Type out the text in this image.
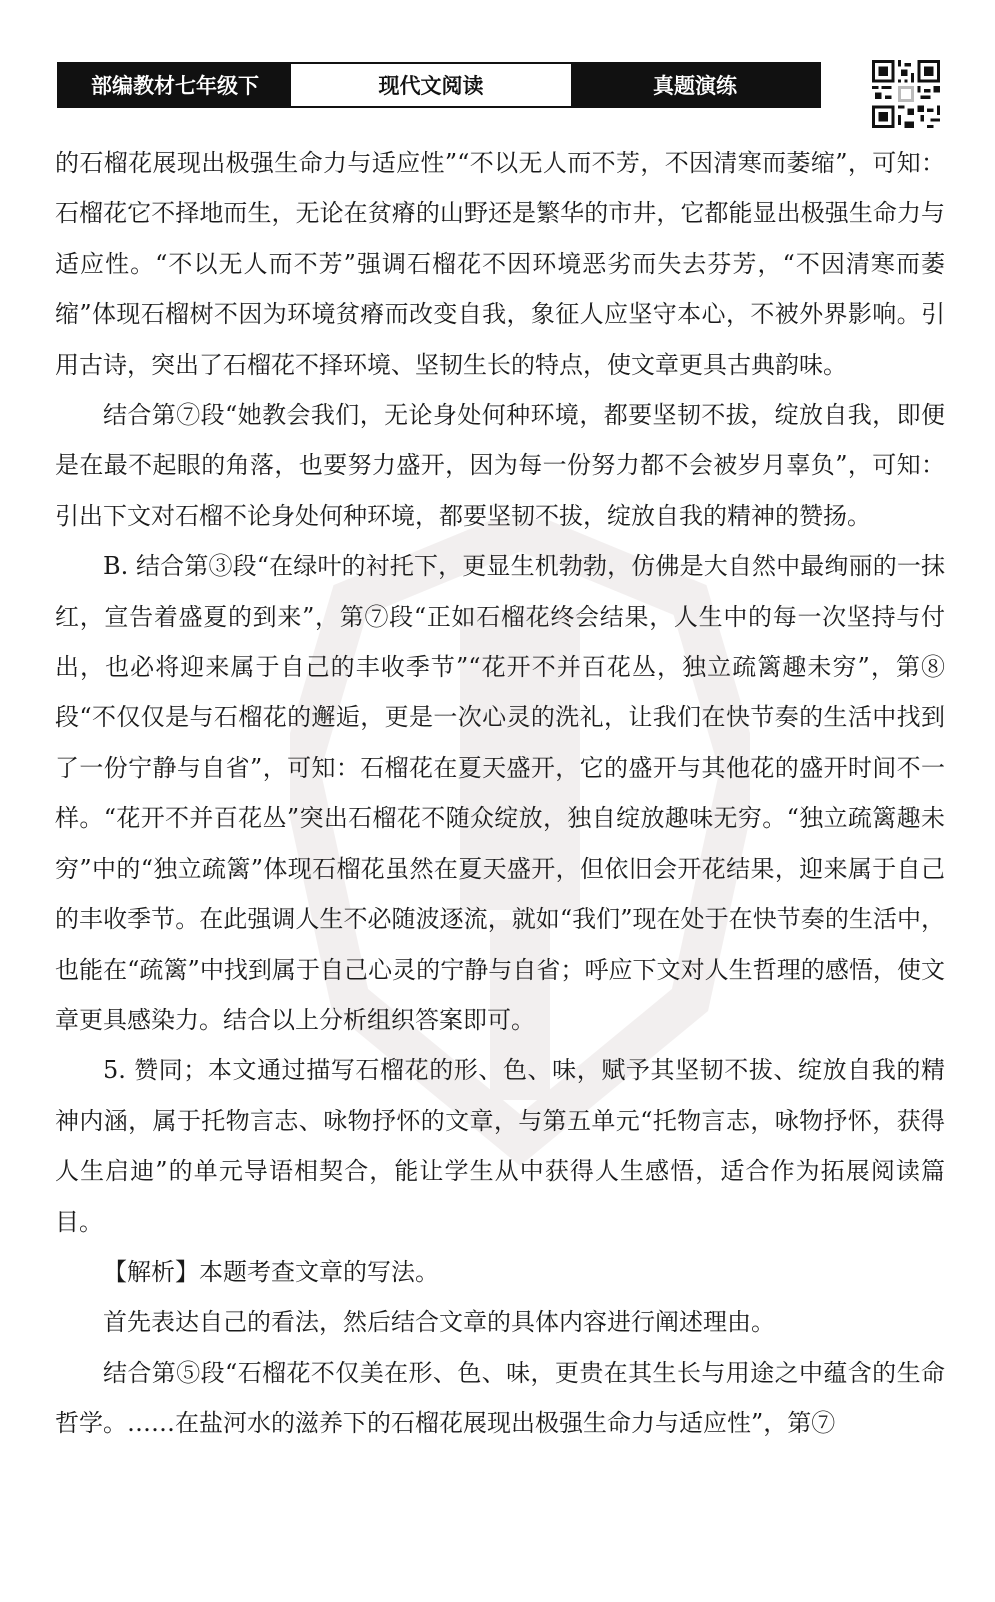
部编教材七年级下	现代文阅读	真题演练

的石榴花展现出极强生命力与适应性”“不以无人而不芳，不因清寒而萎缩”，可知：石榴花它不择地而生，无论在贫瘠的山野还是繁华的市井，它都能显出极强生命力与适应性。“不以无人而不芳”强调石榴花不因环境恶劣而失去芬芳，“不因清寒而萎缩”体现石榴树不因为环境贫瘠而改变自我，象征人应坚守本心，不被外界影响。引用古诗，突出了石榴花不择环境、坚韧生长的特点，使文章更具古典韵味。

结合第⑦段“她教会我们，无论身处何种环境，都要坚韧不拔，绽放自我，即便是在最不起眼的角落，也要努力盛开，因为每一份努力都不会被岁月辜负”，可知：引出下文对石榴不论身处何种环境，都要坚韧不拔，绽放自我的精神的赞扬。

B. 结合第③段“在绿叶的衬托下，更显生机勃勃，仿佛是大自然中最绚丽的一抹红，宣告着盛夏的到来”，第⑦段“正如石榴花终会结果，人生中的每一次坚持与付出，也必将迎来属于自己的丰收季节”“花开不并百花丛，独立疏篱趣未穷”，第⑧段“不仅仅是与石榴花的邂逅，更是一次心灵的洗礼，让我们在快节奏的生活中找到了一份宁静与自省”，可知：石榴花在夏天盛开，它的盛开与其他花的盛开时间不一样。“花开不并百花丛”突出石榴花不随众绽放，独自绽放趣味无穷。“独立疏篱趣未穷”中的“独立疏篱”体现石榴花虽然在夏天盛开，但依旧会开花结果，迎来属于自己的丰收季节。在此强调人生不必随波逐流，就如“我们”现在处于在快节奏的生活中，也能在“疏篱”中找到属于自己心灵的宁静与自省；呼应下文对人生哲理的感悟，使文章更具感染力。结合以上分析组织答案即可。

5. 赞同；本文通过描写石榴花的形、色、味，赋予其坚韧不拔、绽放自我的精神内涵，属于托物言志、咏物抒怀的文章，与第五单元“托物言志，咏物抒怀，获得人生启迪”的单元导语相契合，能让学生从中获得人生感悟，适合作为拓展阅读篇目。

【解析】本题考查文章的写法。

首先表达自己的看法，然后结合文章的具体内容进行阐述理由。

结合第⑤段“石榴花不仅美在形、色、味，更贵在其生长与用途之中蕴含的生命哲学。……在盐河水的滋养下的石榴花展现出极强生命力与适应性”，第⑦
